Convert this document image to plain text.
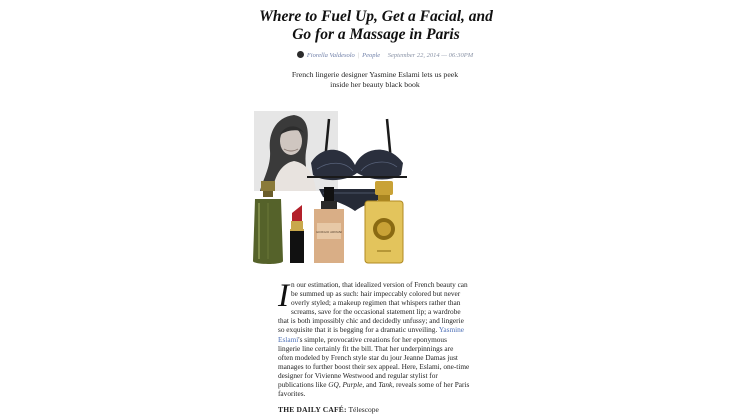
Where to Fuel Up, Get a Facial, and
Go for a Massage in Paris
Fiorella Valdesolo | People September 22, 2014 — 06:30PM

French lingerie designer Yasmine Eslami lets us peek inside her beauty black book

GIORGIO ARMANI

In our estimation, that idealized version of French beauty can be summed up as such: hair impeccably colored but never overly styled; a makeup regimen that whispers rather than screams, save for the occasional statement lip; a wardrobe that is both impossibly chic and decidedly unfussy; and lingerie so exquisite that it is begging for a dramatic unveiling. Yasmine Eslami's simple, provocative creations for her eponymous lingerie line certainly fit the bill. That her underpinnings are often modeled by French style star du jour Jeanne Damas just manages to further boost their sex appeal. Here, Eslami, one-time designer for Vivienne Westwood and regular stylist for publications like GQ, Purple, and Tank, reveals some of her Paris favorites.

THE DAILY CAFÉ: Télescope
